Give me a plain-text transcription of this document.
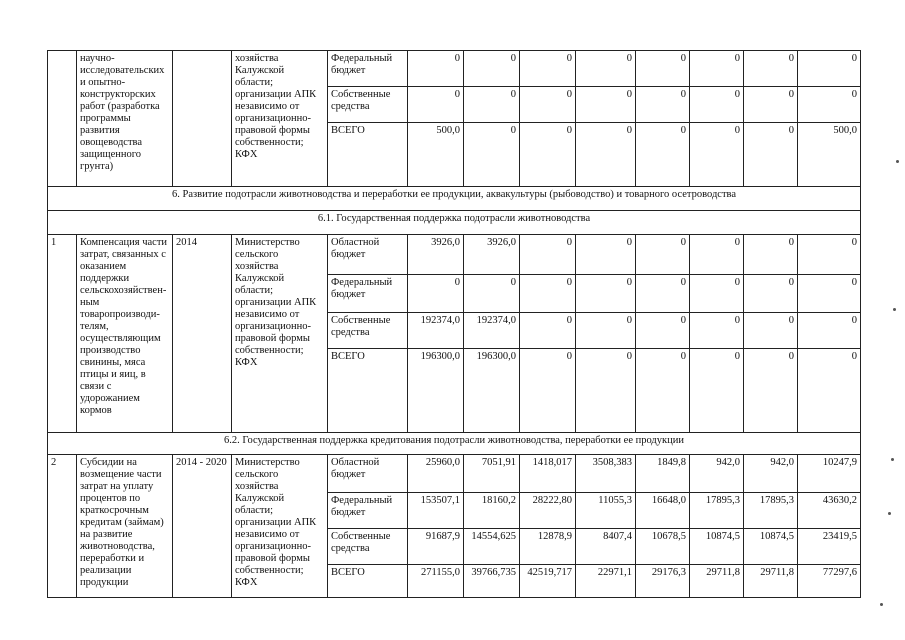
	научно-исследовательских и опытно-конструкторских работ (разработка программы развития овощеводства защищенного грунта)		хозяйства Калужской области; организации АПК независимо от организационно-правовой формы собственности; КФХ	Федеральный бюджет	0	0	0	0	0	0	0	0
				Собственные средства	0	0	0	0	0	0	0	0
				ВСЕГО	500,0	0	0	0	0	0	0	500,0
6. Развитие подотрасли животноводства и переработки ее продукции, аквакультуры (рыбоводство) и товарного осетроводства												
6.1. Государственная поддержка подотрасли животноводства												
1	Компенсация части затрат, связанных с оказанием поддержки сельскохозяйствен-ным товаропроизводи-телям, осуществляющим производство свинины, мяса птицы и яиц, в связи с удорожанием кормов	2014	Министерство сельского хозяйства Калужской области; организации АПК независимо от организационно-правовой формы собственности; КФХ	Областной бюджет	3926,0	3926,0	0	0	0	0	0	0
				Федеральный бюджет	0	0	0	0	0	0	0	0
				Собственные средства	192374,0	192374,0	0	0	0	0	0	0
				ВСЕГО	196300,0	196300,0	0	0	0	0	0	0
6.2. Государственная поддержка кредитования подотрасли животноводства, переработки ее продукции												
2	Субсидии на возмещение части затрат на уплату процентов по краткосрочным кредитам (займам) на развитие животноводства, переработки и реализации продукции	2014 - 2020	Министерство сельского хозяйства Калужской области; организации АПК независимо от организационно-правовой формы собственности; КФХ	Областной бюджет	25960,0	7051,91	1418,017	3508,383	1849,8	942,0	942,0	10247,9
				Федеральный бюджет	153507,1	18160,2	28222,80	11055,3	16648,0	17895,3	17895,3	43630,2
				Собственные средства	91687,9	14554,625	12878,9	8407,4	10678,5	10874,5	10874,5	23419,5
				ВСЕГО	271155,0	39766,735	42519,717	22971,1	29176,3	29711,8	29711,8	77297,6
